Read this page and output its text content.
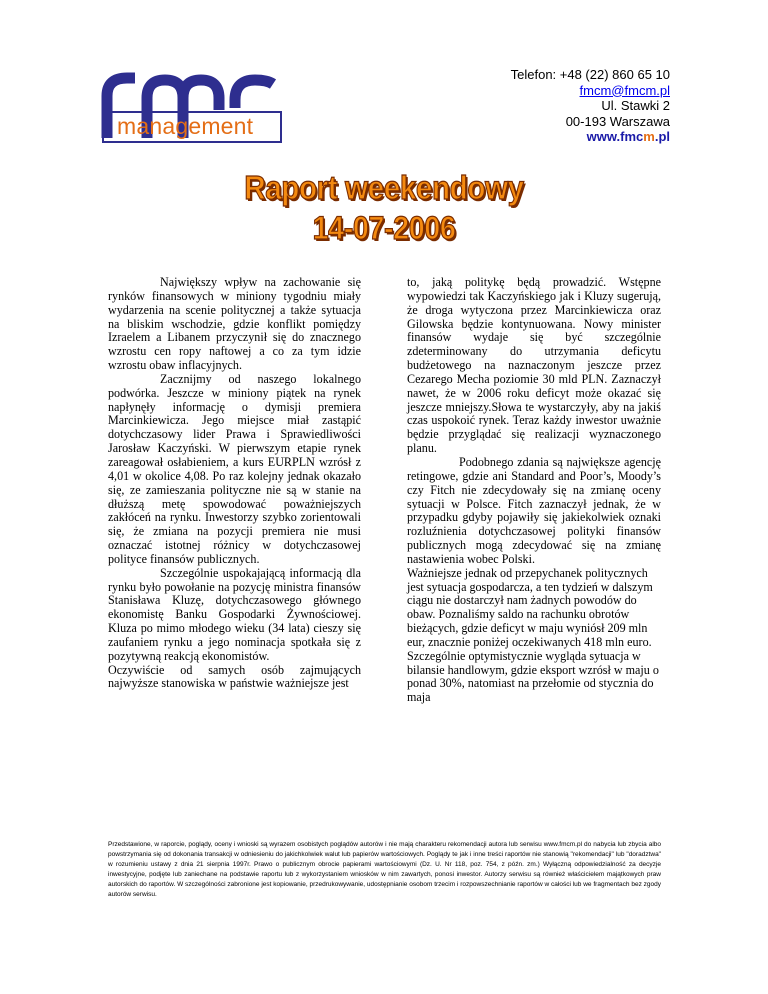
management
Telefon: +48 (22) 860 65 10
fmcm@fmcm.pl
Ul. Stawki 2
00-193 Warszawa
www.fmcm.pl
Raport weekendowy
14-07-2006

Największy wpływ na zachowanie się rynków finansowych w miniony tygodniu miały wydarzenia na scenie politycznej a także sytuacja na bliskim wschodzie, gdzie konflikt pomiędzy Izraelem a Libanem przyczynił się do znacznego wzrostu cen ropy naftowej a co za tym idzie wzrostu obaw inflacyjnych.

Zacznijmy od naszego lokalnego podwórka. Jeszcze w miniony piątek na rynek napłynęły informację o dymisji premiera Marcinkiewicza. Jego miejsce miał zastąpić dotychczasowy lider Prawa i Sprawiedliwości Jarosław Kaczyński. W pierwszym etapie rynek zareagował osłabieniem, a kurs EURPLN wzrósł z 4,01 w okolice 4,08. Po raz kolejny jednak okazało się, ze zamieszania polityczne nie są w stanie na dłuższą metę spowodować poważniejszych zakłóceń na rynku. Inwestorzy szybko zorientowali się, że zmiana na pozycji premiera nie musi oznaczać istotnej różnicy w dotychczasowej polityce finansów publicznych.

Szczególnie uspokajającą informacją dla rynku było powołanie na pozycję ministra finansów Stanisława Kluzę, dotychczasowego głównego ekonomistę Banku Gospodarki Żywnościowej. Kluza po mimo młodego wieku (34 lata) cieszy się zaufaniem rynku a jego nominacja spotkała się z pozytywną reakcją ekonomistów.

Oczywiście od samych osób zajmujących najwyższe stanowiska w państwie ważniejsze jest

to, jaką politykę będą prowadzić. Wstępne wypowiedzi tak Kaczyńskiego jak i Kluzy sugerują, że droga wytyczona przez Marcinkiewicza oraz Gilowska będzie kontynuowana. Nowy minister finansów wydaje się być szczególnie zdeterminowany do utrzymania deficytu budżetowego na naznaczonym jeszcze przez Cezarego Mecha poziomie 30 mld PLN. Zaznaczył nawet, że w 2006 roku deficyt może okazać się jeszcze mniejszy.Słowa te wystarczyły, aby na jakiś czas uspokoić rynek. Teraz każdy inwestor uważnie będzie przyglądać się realizacji wyznaczonego planu.

Podobnego zdania są największe agencję retingowe, gdzie ani Standard and Poor’s, Moody’s czy Fitch nie zdecydowały się na zmianę oceny sytuacji w Polsce. Fitch zaznaczył jednak, że w przypadku gdyby pojawiły się jakiekolwiek oznaki rozluźnienia dotychczasowej polityki finansów publicznych mogą zdecydować się na zmianę nastawienia wobec Polski.

Ważniejsze jednak od przepychanek politycznych jest sytuacja gospodarcza, a ten tydzień w dalszym ciągu nie dostarczył nam żadnych powodów do obaw. Poznaliśmy saldo na rachunku obrotów bieżących, gdzie deficyt w maju wyniósł 209 mln eur, znacznie poniżej oczekiwanych 418 mln euro. Szczególnie optymistycznie wygląda sytuacja w bilansie handlowym, gdzie eksport wzrósł w maju o ponad 30%, natomiast na przełomie od stycznia do maja

Przedstawione, w raporcie, poglądy, oceny i wnioski są wyrazem osobistych poglądów autorów i nie mają charakteru rekomendacji autora lub serwisu www.fmcm.pl do nabycia lub zbycia albo powstrzymania się od dokonania transakcji w odniesieniu do jakichkolwiek walut lub papierów wartościowych. Poglądy te jak i inne treści raportów nie stanowią "rekomendacji" lub "doradztwa" w rozumieniu ustawy z dnia 21 sierpnia 1997r. Prawo o publicznym obrocie papierami wartościowymi (Dz. U. Nr 118, poz. 754, z późn. zm.) Wyłączną odpowiedzialność za decyzje inwestycyjne, podjęte lub zaniechane na podstawie raportu lub z wykorzystaniem wniosków w nim zawartych, ponosi inwestor. Autorzy serwisu są również właścicielem majątkowych praw autorskich do raportów. W szczególności zabronione jest kopiowanie, przedrukowywanie, udostępnianie osobom trzecim i rozpowszechnianie raportów w całości lub we fragmentach bez zgody autorów serwisu.
